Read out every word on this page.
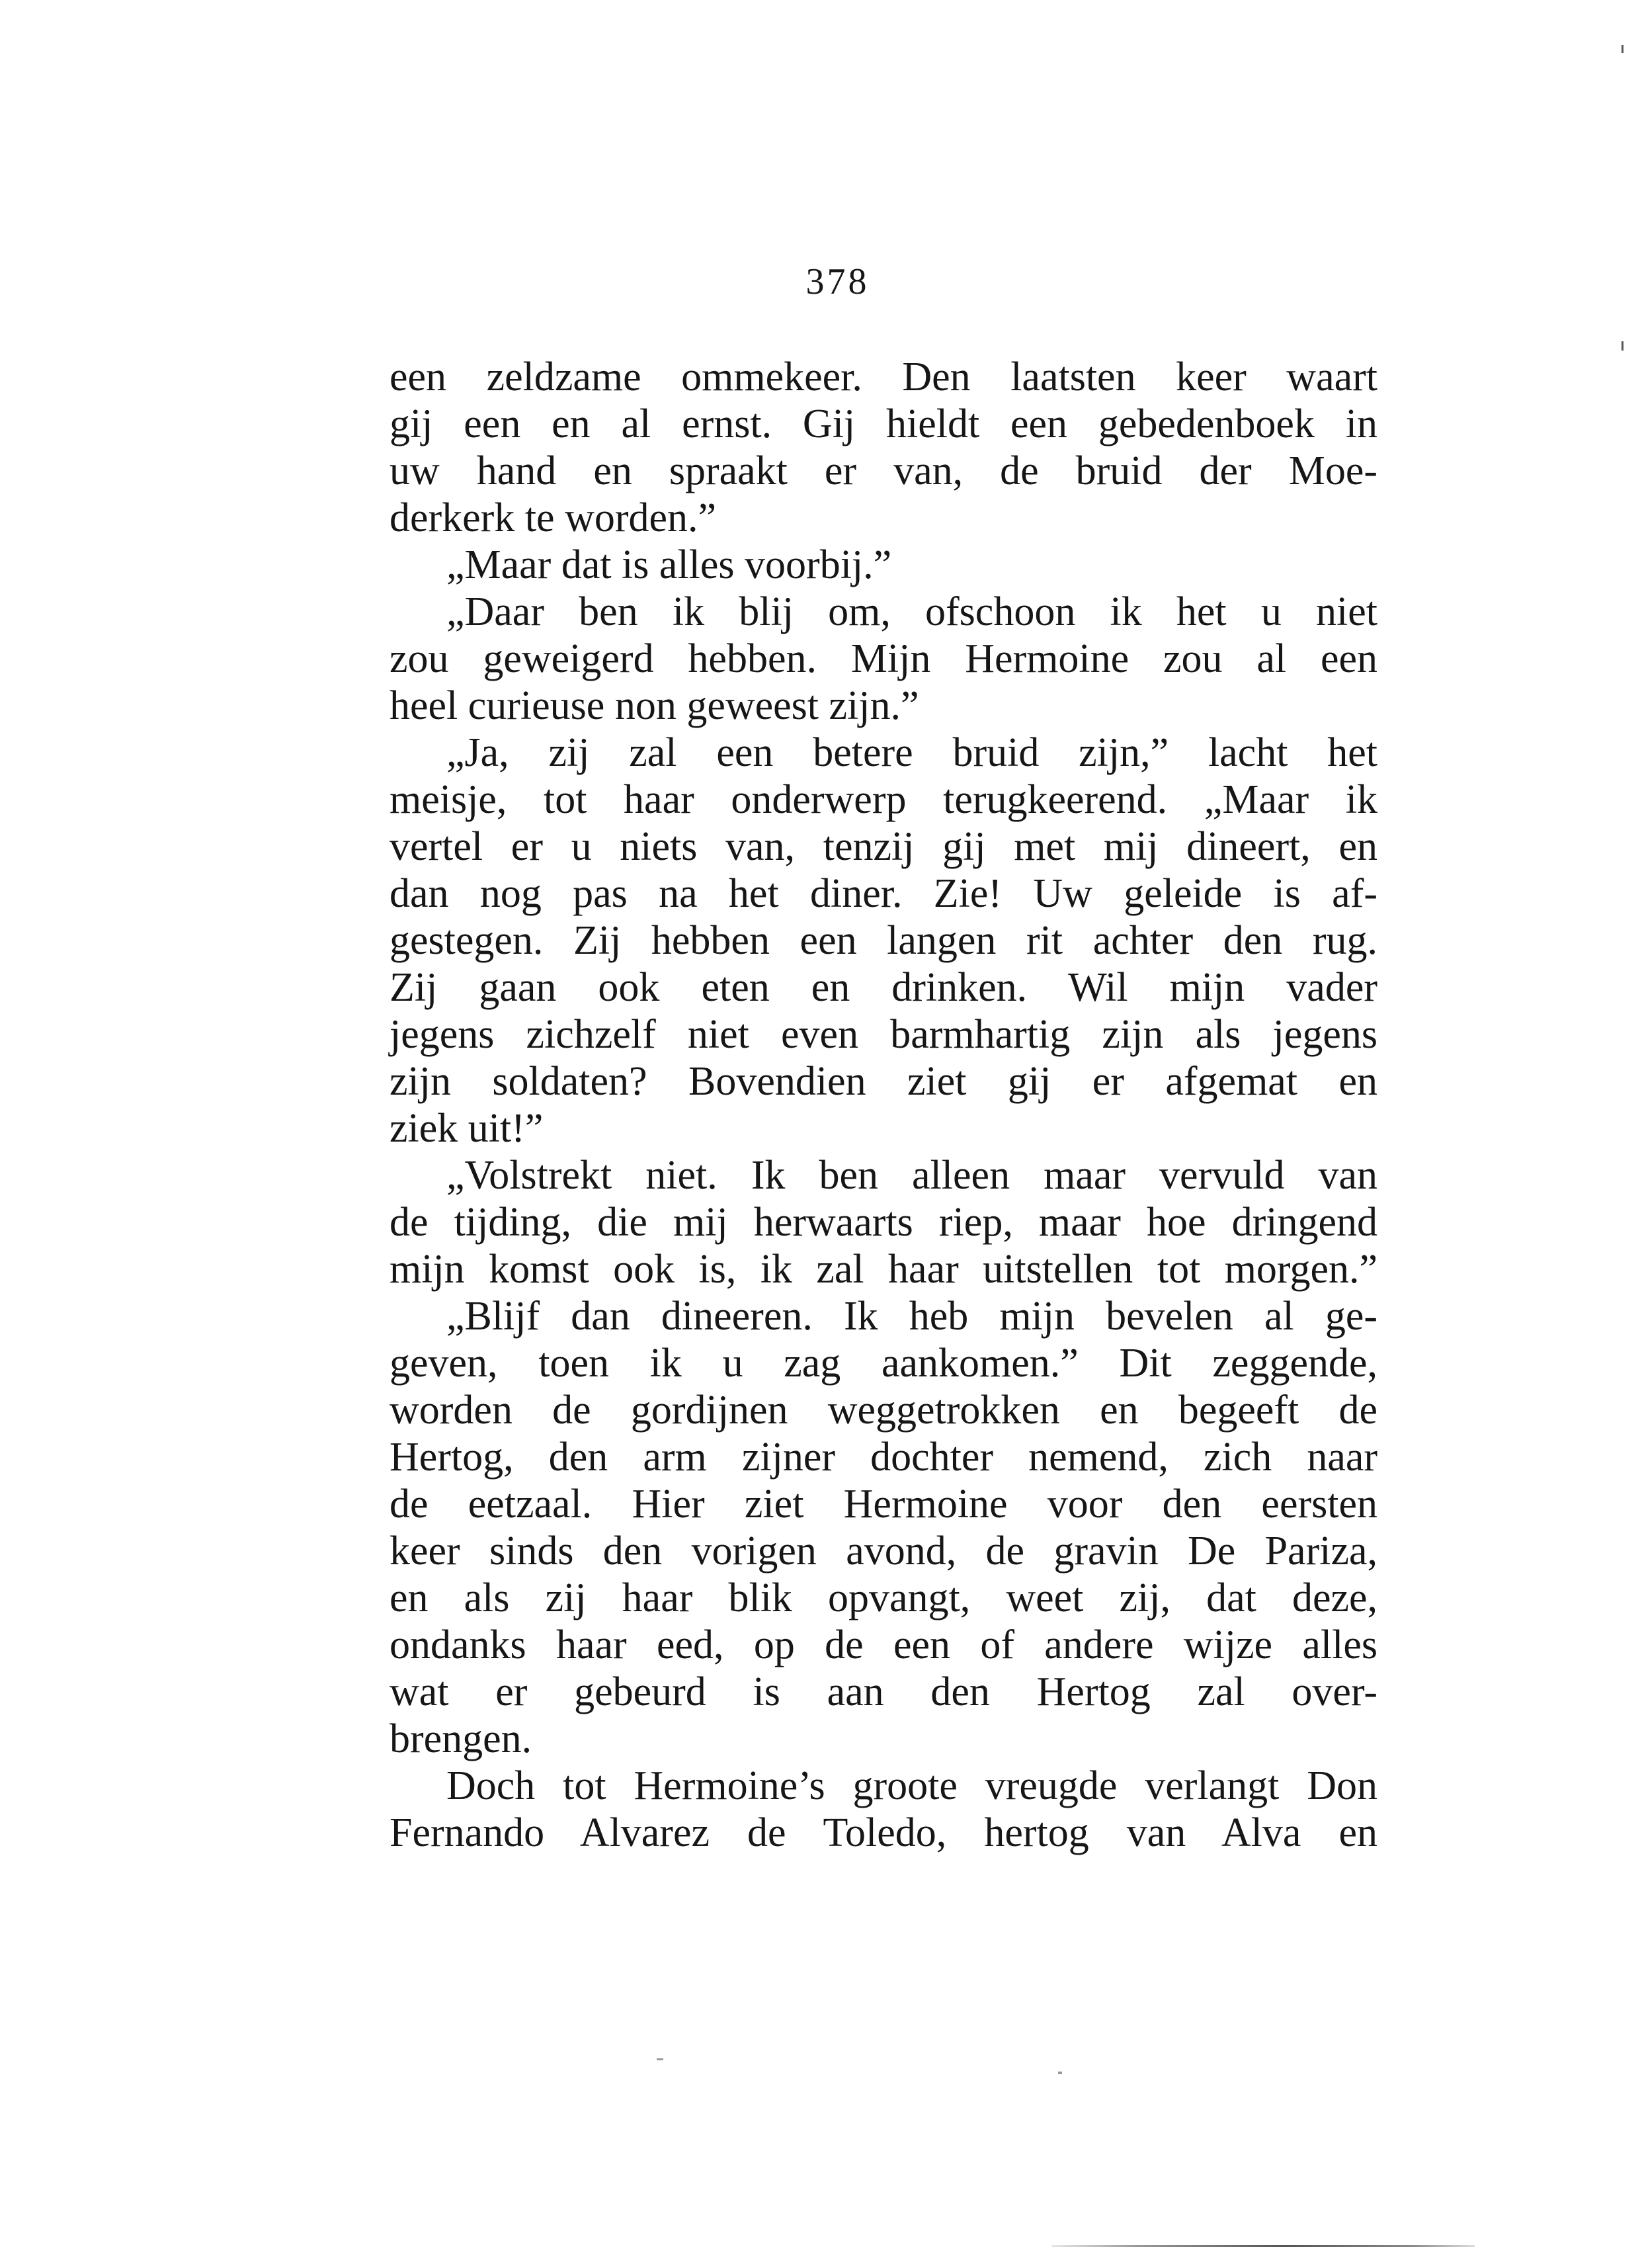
378
een zeldzame ommekeer. Den laatsten keer waart
gij een en al ernst. Gij hieldt een gebedenboek in
uw hand en spraakt er van, de bruid der Moe-
derkerk te worden.”
„Maar dat is alles voorbij.”
„Daar ben ik blij om, ofschoon ik het u niet
zou geweigerd hebben. Mijn Hermoine zou al een
heel curieuse non geweest zijn.”
„Ja, zij zal een betere bruid zijn,” lacht het
meisje, tot haar onderwerp terugkeerend. „Maar ik
vertel er u niets van, tenzij gij met mij dineert, en
dan nog pas na het diner. Zie! Uw geleide is af-
gestegen. Zij hebben een langen rit achter den rug.
Zij gaan ook eten en drinken. Wil mijn vader
jegens zichzelf niet even barmhartig zijn als jegens
zijn soldaten? Bovendien ziet gij er afgemat en
ziek uit!”
„Volstrekt niet. Ik ben alleen maar vervuld van
de tijding, die mij herwaarts riep, maar hoe dringend
mijn komst ook is, ik zal haar uitstellen tot morgen.”
„Blijf dan dineeren. Ik heb mijn bevelen al ge-
geven, toen ik u zag aankomen.” Dit zeggende,
worden de gordijnen weggetrokken en begeeft de
Hertog, den arm zijner dochter nemend, zich naar
de eetzaal. Hier ziet Hermoine voor den eersten
keer sinds den vorigen avond, de gravin De Pariza,
en als zij haar blik opvangt, weet zij, dat deze,
ondanks haar eed, op de een of andere wijze alles
wat er gebeurd is aan den Hertog zal over-
brengen.
Doch tot Hermoine’s groote vreugde verlangt Don
Fernando Alvarez de Toledo, hertog van Alva en
